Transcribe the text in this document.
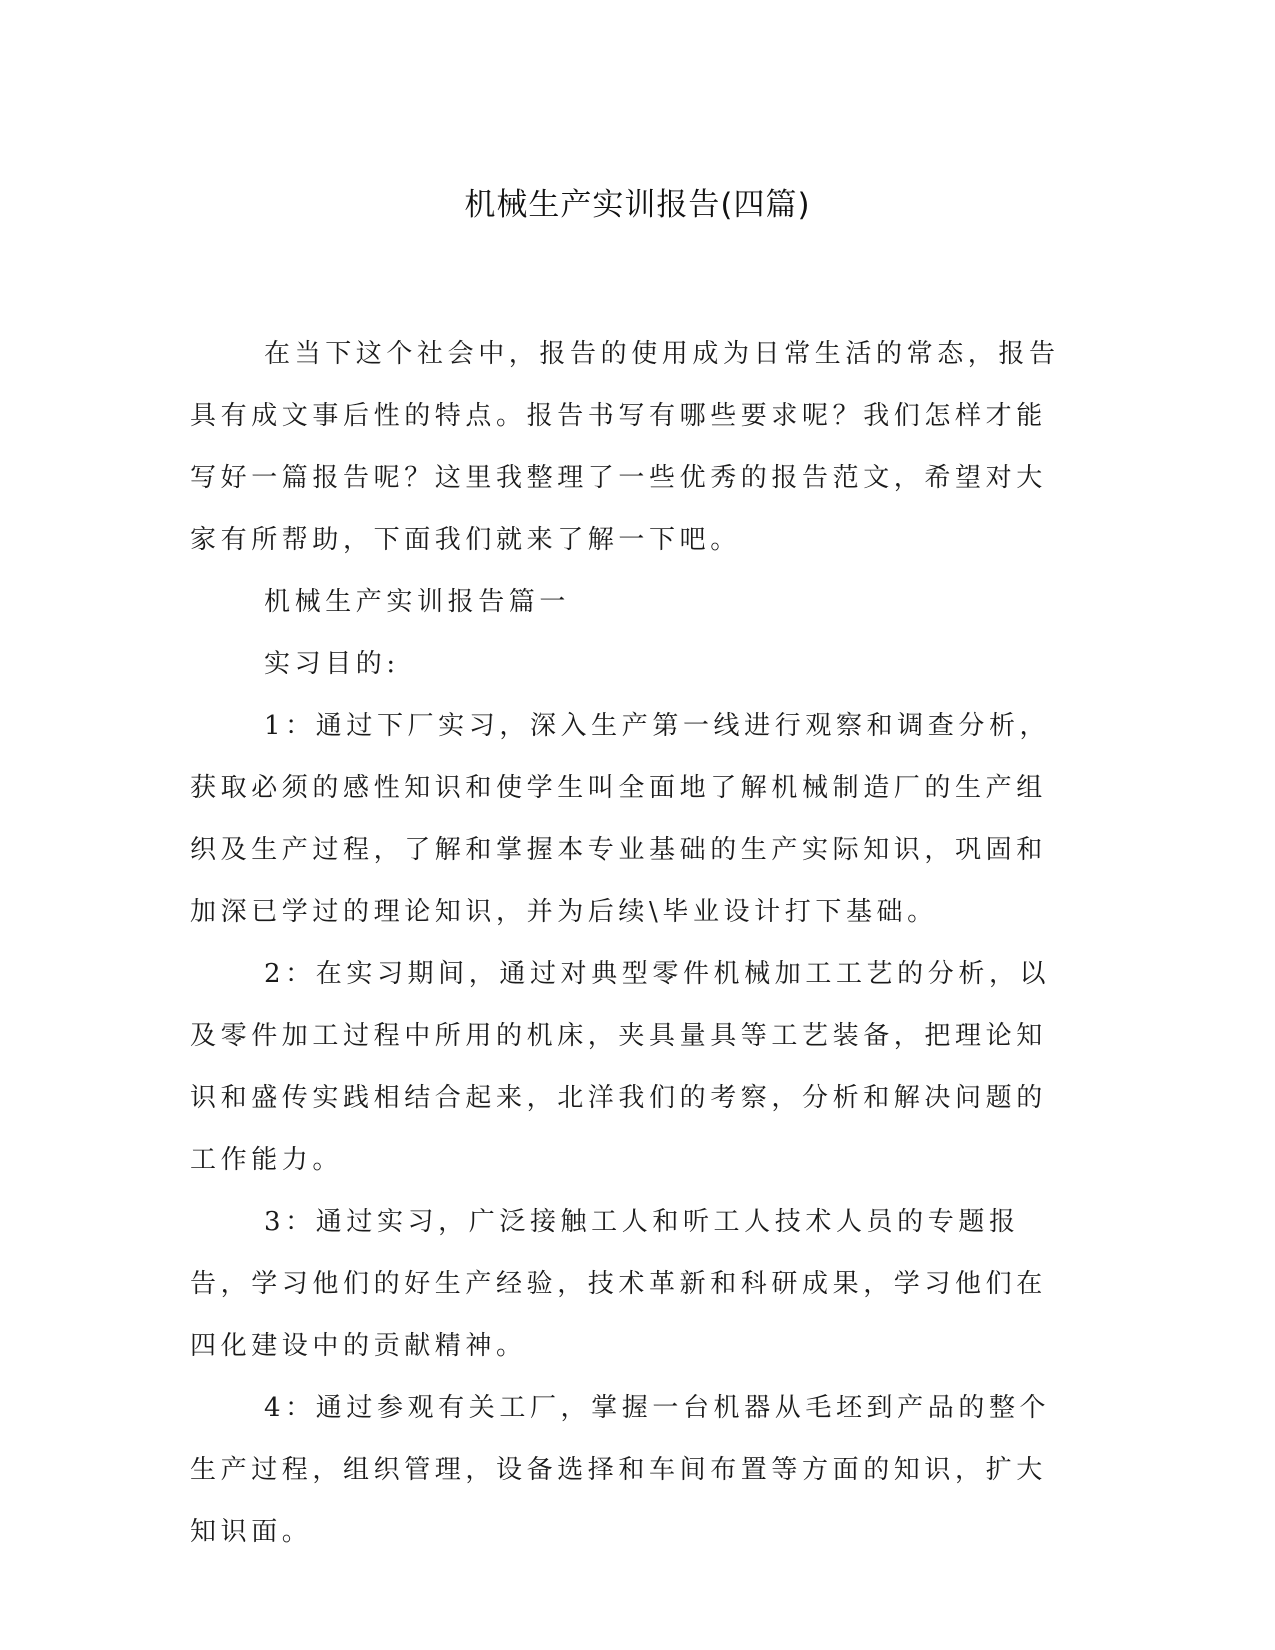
机械生产实训报告(四篇)

在当下这个社会中，报告的使用成为日常生活的常态，报告具有成文事后性的特点。报告书写有哪些要求呢？我们怎样才能写好一篇报告呢？这里我整理了一些优秀的报告范文，希望对大家有所帮助，下面我们就来了解一下吧。

机械生产实训报告篇一

实习目的:

1：通过下厂实习，深入生产第一线进行观察和调查分析，获取必须的感性知识和使学生叫全面地了解机械制造厂的生产组织及生产过程，了解和掌握本专业基础的生产实际知识，巩固和加深已学过的理论知识，并为后续\毕业设计打下基础。

2：在实习期间，通过对典型零件机械加工工艺的分析，以及零件加工过程中所用的机床，夹具量具等工艺装备，把理论知识和盛传实践相结合起来，北洋我们的考察，分析和解决问题的工作能力。

3：通过实习，广泛接触工人和听工人技术人员的专题报告，学习他们的好生产经验，技术革新和科研成果，学习他们在四化建设中的贡献精神。

4：通过参观有关工厂，掌握一台机器从毛坯到产品的整个生产过程，组织管理，设备选择和车间布置等方面的知识，扩大知识面。
